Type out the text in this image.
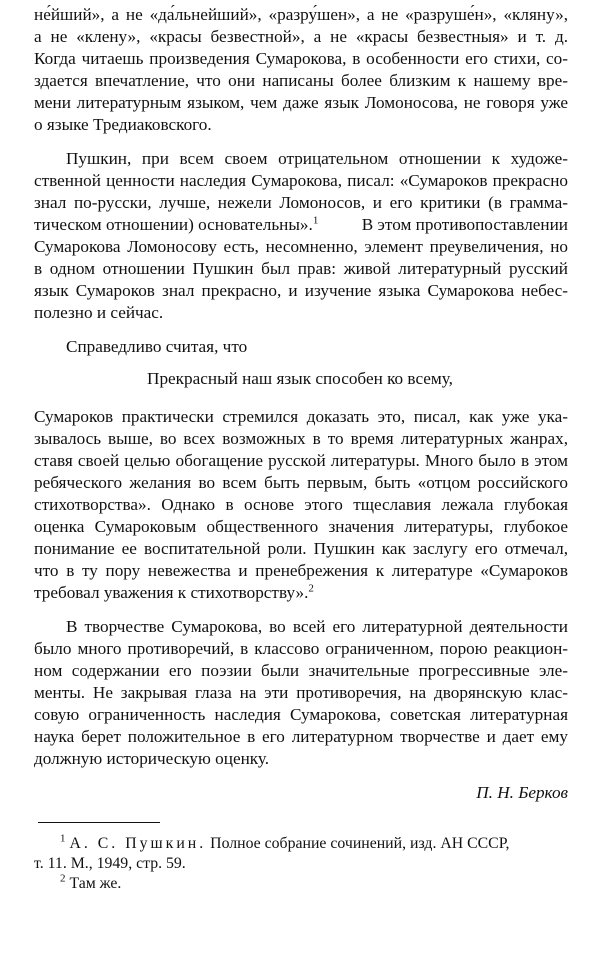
не́йший», а не «да́льнейший», «разру́шен», а не «разруше́н», «кляну»,
а не «клену», «красы безвестной», а не «красы безвестныя» и т. д.
Когда читаешь произведения Сумарокова, в особенности его стихи, со-
здается впечатление, что они написаны более близким к нашему вре-
мени литературным языком, чем даже язык Ломоносова, не говоря уже
о языке Тредиаковского.
Пушкин, при всем своем отрицательном отношении к художе-
ственной ценности наследия Сумарокова, писал: «Сумароков прекрасно
знал по-русски, лучше, нежели Ломоносов, и его критики (в граммa-
тическом отношении) основательны».$^1$	В этом противопоставлении
Сумарокова Ломоносову есть, несомненно, элемент преувеличения, но
в одном отношении Пушкин был прав: живой литературный русский
язык Сумароков знал прекрасно, и изучение языка Сумарокова небес-
полезно и сейчас.
Справедливо считая, что
Прекрасный наш язык способен ко всему,
Сумароков практически стремился доказать это, писал, как уже ука-
зывалось выше, во всех возможных в то время литературных жанрах,
ставя своей целью обогащение русской литературы. Много было в этом
ребяческого желания во всем быть первым, быть «отцом российского
стихотворства». Однако в основе этого тщеславия лежала глубокая
оценка Сумароковым общественного значения литературы, глубокое
понимание ее воспитательной роли. Пушкин как заслугу его отмечал,
что в ту пору невежества и пренебрежения к литературе «Сумароков
требовал уважения к стихотворству».$^2$
В творчестве Сумарокова, во всей его литературной деятельности
было много противоречий, в классово ограниченном, порою реакцион-
ном содержании его поэзии были значительные прогрессивные эле-
менты. Не закрывая глаза на эти противоречия, на дворянскую клас-
совую ограниченность наследия Сумарокова, советская литературная
наука берет положительное в его литературном творчестве и дает ему
должную историческую оценку.
П. Н. Берков
$^1$ А. С. Пушкин. Полное собрание сочинений, изд. АН СССР,
т. 11. М., 1949, стр. 59.
$^2$ Там же.
